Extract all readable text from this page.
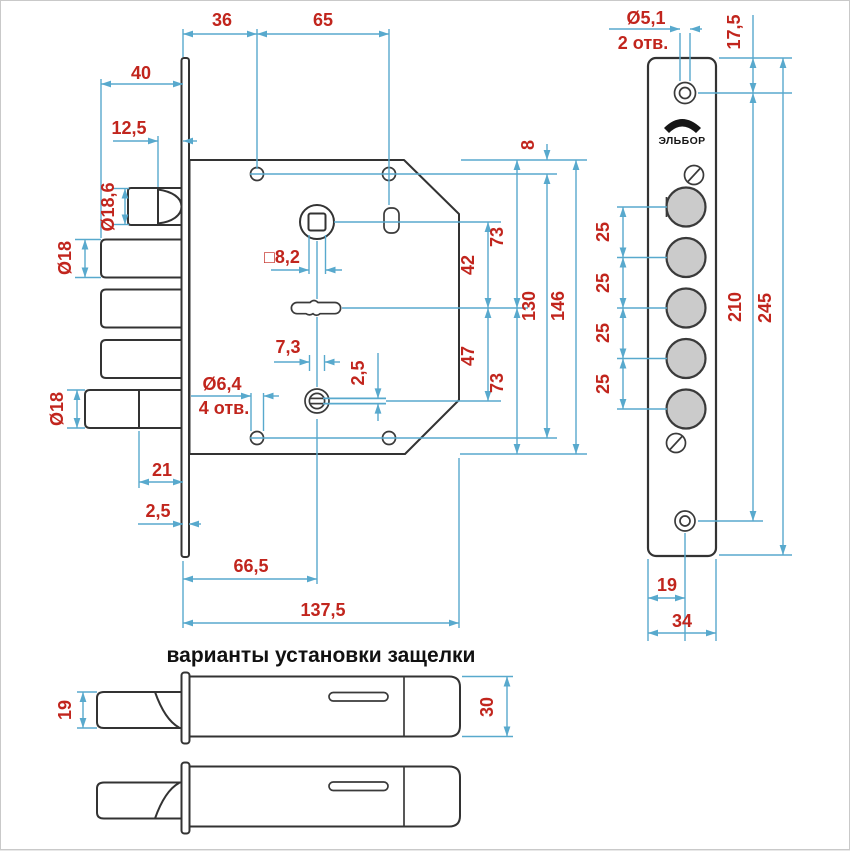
36	65
40
12,5
Ø18,6
Ø18
Ø18
21
2,5
66,5
137,5
□8,2
7,3
2,5
Ø6,4
4 отв.
8
42
47
73
73
130 146
ЭЛЬБОР
Ø5,1
2 отв.	17,5
25
25
25
25
210 245
19
34
варианты установки защелки
19	30
